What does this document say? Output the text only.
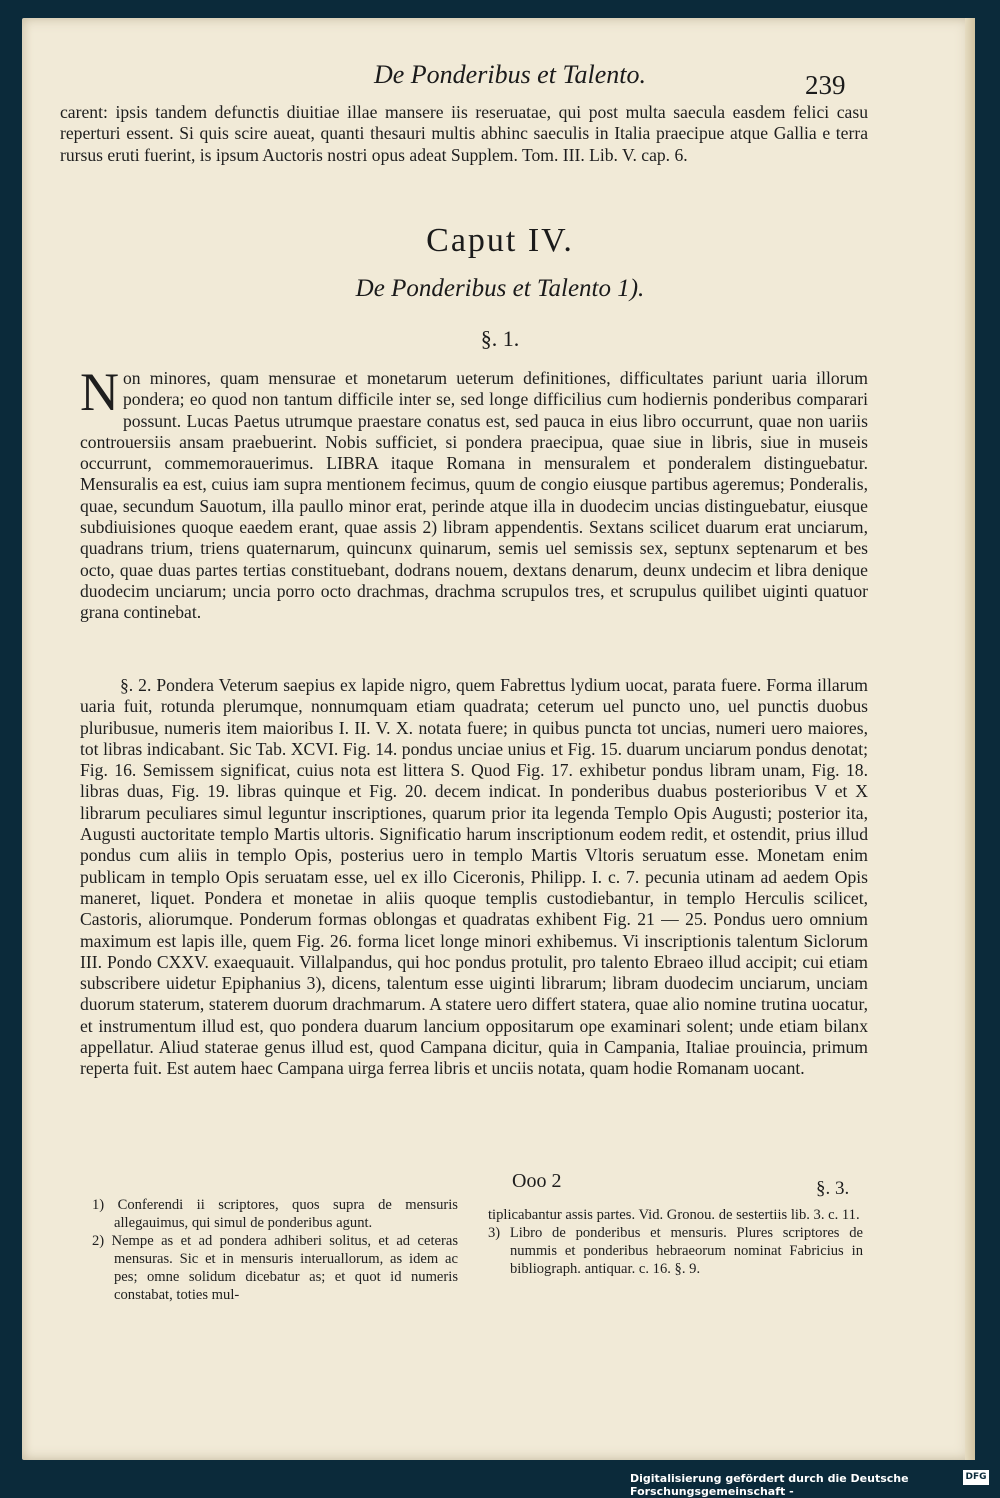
De Ponderibus et Talento.	239
carent: ipsis tandem defunctis diuitiae illae mansere iis reseruatae, qui post multa saecula easdem felici casu reperturi essent. Si quis scire aueat, quanti thesauri multis abhinc saeculis in Italia praecipue atque Gallia e terra rursus eruti fuerint, is ipsum Auctoris nostri opus adeat Supplem. Tom. III. Lib. V. cap. 6.
Caput IV.
De Ponderibus et Talento 1).
§. 1.
Non minores, quam mensurae et monetarum ueterum definitiones, difficultates pariunt uaria illorum pondera; eo quod non tantum difficile inter se, sed longe difficilius cum hodiernis ponderibus comparari possunt. Lucas Paetus utrumque praestare conatus est, sed pauca in eius libro occurrunt, quae non uariis controuersiis ansam praebuerint. Nobis sufficiet, si pondera praecipua, quae siue in libris, siue in museis occurrunt, commemorauerimus. LIBRA itaque Romana in mensuralem et ponderalem distinguebatur. Mensuralis ea est, cuius iam supra mentionem fecimus, quum de congio eiusque partibus ageremus; Ponderalis, quae, secundum Sauotum, illa paullo minor erat, perinde atque illa in duodecim uncias distinguebatur, eiusque subdiuisiones quoque eaedem erant, quae assis 2) libram appendentis. Sextans scilicet duarum erat unciarum, quadrans trium, triens quaternarum, quincunx quinarum, semis uel semissis sex, septunx septenarum et bes octo, quae duas partes tertias constituebant, dodrans nouem, dextans denarum, deunx undecim et libra denique duodecim unciarum; uncia porro octo drachmas, drachma scrupulos tres, et scrupulus quilibet uiginti quatuor grana continebat.
§. 2. Pondera Veterum saepius ex lapide nigro, quem Fabrettus lydium uocat, parata fuere. Forma illarum uaria fuit, rotunda plerumque, nonnumquam etiam quadrata; ceterum uel puncto uno, uel punctis duobus pluribusue, numeris item maioribus I. II. V. X. notata fuere; in quibus puncta tot uncias, numeri uero maiores, tot libras indicabant. Sic Tab. XCVI. Fig. 14. pondus unciae unius et Fig. 15. duarum unciarum pondus denotat; Fig. 16. Semissem significat, cuius nota est littera S. Quod Fig. 17. exhibetur pondus libram unam, Fig. 18. libras duas, Fig. 19. libras quinque et Fig. 20. decem indicat. In ponderibus duabus posterioribus V et X librarum peculiares simul leguntur inscriptiones, quarum prior ita legenda Templo Opis Augusti; posterior ita, Augusti auctoritate templo Martis ultoris. Significatio harum inscriptionum eodem redit, et ostendit, prius illud pondus cum aliis in templo Opis, posterius uero in templo Martis Vltoris seruatum esse. Monetam enim publicam in templo Opis seruatam esse, uel ex illo Ciceronis, Philipp. I. c. 7. pecunia utinam ad aedem Opis maneret, liquet. Pondera et monetae in aliis quoque templis custodiebantur, in templo Herculis scilicet, Castoris, aliorumque. Ponderum formas oblongas et quadratas exhibent Fig. 21 — 25. Pondus uero omnium maximum est lapis ille, quem Fig. 26. forma licet longe minori exhibemus. Vi inscriptionis talentum Siclorum III. Pondo CXXV. exaequauit. Villalpandus, qui hoc pondus protulit, pro talento Ebraeo illud accipit; cui etiam subscribere uidetur Epiphanius 3), dicens, talentum esse uiginti librarum; libram duodecim unciarum, unciam duorum staterum, staterem duorum drachmarum. A statere uero differt statera, quae alio nomine trutina uocatur, et instrumentum illud est, quo pondera duarum lancium oppositarum ope examinari solent; unde etiam bilanx appellatur. Aliud staterae genus illud est, quod Campana dicitur, quia in Campania, Italiae prouincia, primum reperta fuit. Est autem haec Campana uirga ferrea libris et unciis notata, quam hodie Romanam uocant.
Ooo 2	§. 3.

1) Conferendi ii scriptores, quos supra de mensuris allegauimus, qui simul de ponderibus agunt.

2) Nempe as et ad pondera adhiberi solitus, et ad ceteras mensuras. Sic et in mensuris interuallorum, as idem ac pes; omne solidum dicebatur as; et quot id numeris constabat, toties mul-

tiplicabantur assis partes. Vid. Gronou. de sestertiis lib. 3. c. 11.

3) Libro de ponderibus et mensuris. Plures scriptores de nummis et ponderibus hebraeorum nominat Fabricius in bibliograph. antiquar. c. 16. §. 9.

Digitalisierung gefördert durch die Deutsche Forschungsgemeinschaft -
DFG
